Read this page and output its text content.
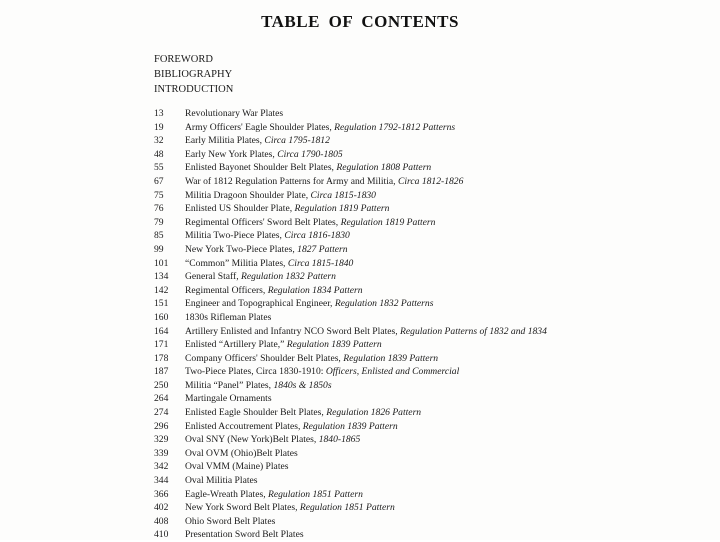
TABLE OF CONTENTS
FOREWORD
BIBLIOGRAPHY
INTRODUCTION
13	Revolutionary War Plates
19	Army Officers' Eagle Shoulder Plates, Regulation 1792-1812 Patterns
32	Early Militia Plates, Circa 1795-1812
48	Early New York Plates, Circa 1790-1805
55	Enlisted Bayonet Shoulder Belt Plates, Regulation 1808 Pattern
67	War of 1812 Regulation Patterns for Army and Militia, Circa 1812-1826
75	Militia Dragoon Shoulder Plate, Circa 1815-1830
76	Enlisted US Shoulder Plate, Regulation 1819 Pattern
79	Regimental Officers' Sword Belt Plates, Regulation 1819 Pattern
85	Militia Two-Piece Plates, Circa 1816-1830
99	New York Two-Piece Plates, 1827 Pattern
101	“Common” Militia Plates, Circa 1815-1840
134	General Staff, Regulation 1832 Pattern
142	Regimental Officers, Regulation 1834 Pattern
151	Engineer and Topographical Engineer, Regulation 1832 Patterns
160	1830s Rifleman Plates
164	Artillery Enlisted and Infantry NCO Sword Belt Plates, Regulation Patterns of 1832 and 1834
171	Enlisted “Artillery Plate,” Regulation 1839 Pattern
178	Company Officers' Shoulder Belt Plates, Regulation 1839 Pattern
187	Two-Piece Plates, Circa 1830-1910: Officers, Enlisted and Commercial
250	Militia “Panel” Plates, 1840s & 1850s
264	Martingale Ornaments
274	Enlisted Eagle Shoulder Belt Plates, Regulation 1826 Pattern
296	Enlisted Accoutrement Plates, Regulation 1839 Pattern
329	Oval SNY (New York)Belt Plates, 1840-1865
339	Oval OVM (Ohio)Belt Plates
342	Oval VMM (Maine) Plates
344	Oval Militia Plates
366	Eagle-Wreath Plates, Regulation 1851 Pattern
402	New York Sword Belt Plates, Regulation 1851 Pattern
408	Ohio Sword Belt Plates
410	Presentation Sword Belt Plates
